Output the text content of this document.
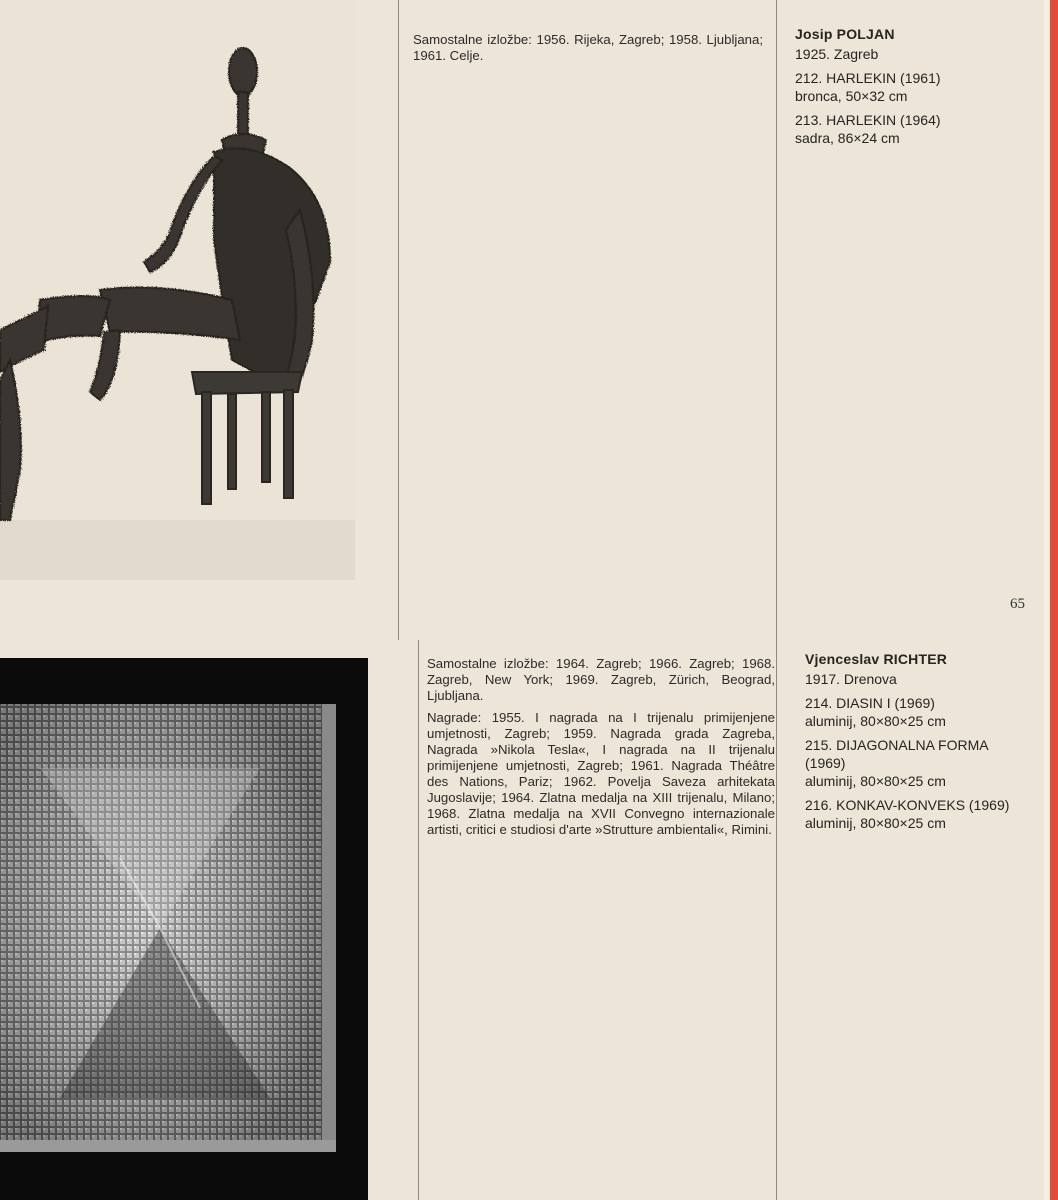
Samostalne izložbe: 1956. Rijeka, Zagreb; 1958. Ljubljana; 1961. Celje.

Josip POLJAN
1925. Zagreb
212. HARLEKIN (1961)
bronca, 50×32 cm
213. HARLEKIN (1964)
sadra, 86×24 cm
65

Samostalne izložbe: 1964. Zagreb; 1966. Zagreb; 1968. Zagreb, New York; 1969. Zagreb, Zürich, Beograd, Ljubljana.

Nagrade: 1955. I nagrada na I trijenalu primijenjene umjetnosti, Zagreb; 1959. Nagrada grada Zagreba, Nagrada »Nikola Tesla«, I nagrada na II trijenalu primijenjene umjetnosti, Zagreb; 1961. Nagrada Théâtre des Nations, Pariz; 1962. Povelja Saveza arhitekata Jugoslavije; 1964. Zlatna medalja na XIII trijenalu, Milano; 1968. Zlatna medalja na XVII Convegno internazionale artisti, critici e studiosi d'arte »Strutture ambientali«, Rimini.

Vjenceslav RICHTER
1917. Drenova
214. DIASIN I (1969)
aluminij, 80×80×25 cm
215. DIJAGONALNA FORMA (1969)
aluminij, 80×80×25 cm
216. KONKAV-KONVEKS (1969)
aluminij, 80×80×25 cm
